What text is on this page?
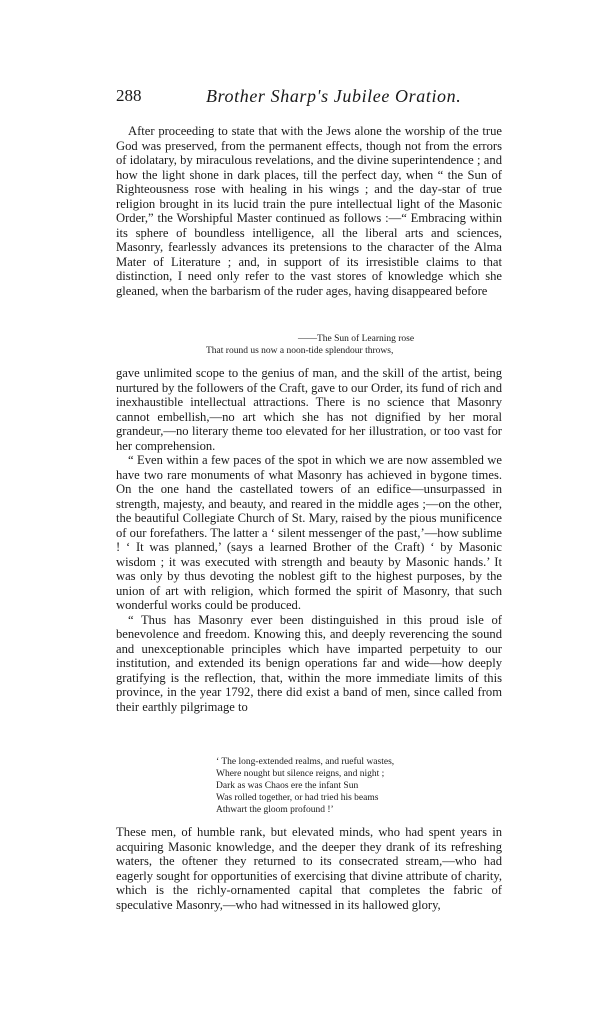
288	Brother Sharp's Jubilee Oration.

After proceeding to state that with the Jews alone the worship of the true God was preserved, from the permanent effects, though not from the errors of idolatary, by miraculous revelations, and the divine superintendence ; and how the light shone in dark places, till the perfect day, when “ the Sun of Righteousness rose with healing in his wings ; and the day-star of true religion brought in its lucid train the pure intellectual light of the Masonic Order,” the Worshipful Master continued as follows :—“ Embracing within its sphere of boundless intelligence, all the liberal arts and sciences, Masonry, fearlessly advances its pretensions to the character of the Alma Mater of Literature ; and, in support of its irresistible claims to that distinction, I need only refer to the vast stores of knowledge which she gleaned, when the barbarism of the ruder ages, having disappeared before

——The Sun of Learning rose
That round us now a noon-tide splendour throws,

gave unlimited scope to the genius of man, and the skill of the artist, being nurtured by the followers of the Craft, gave to our Order, its fund of rich and inexhaustible intellectual attractions. There is no science that Masonry cannot embellish,—no art which she has not dignified by her moral grandeur,—no literary theme too elevated for her illustration, or too vast for her comprehension.

“ Even within a few paces of the spot in which we are now assembled we have two rare monuments of what Masonry has achieved in bygone times. On the one hand the castellated towers of an edifice—unsurpassed in strength, majesty, and beauty, and reared in the middle ages ;—on the other, the beautiful Collegiate Church of St. Mary, raised by the pious munificence of our forefathers. The latter a ‘ silent messenger of the past,’—how sublime ! ‘ It was planned,’ (says a learned Brother of the Craft) ‘ by Masonic wisdom ; it was executed with strength and beauty by Masonic hands.’ It was only by thus devoting the noblest gift to the highest purposes, by the union of art with religion, which formed the spirit of Masonry, that such wonderful works could be produced.

“ Thus has Masonry ever been distinguished in this proud isle of benevolence and freedom. Knowing this, and deeply reverencing the sound and unexceptionable principles which have imparted perpetuity to our institution, and extended its benign operations far and wide—how deeply gratifying is the reflection, that, within the more immediate limits of this province, in the year 1792, there did exist a band of men, since called from their earthly pilgrimage to

‘ The long-extended realms, and rueful wastes,
Where nought but silence reigns, and night ;
Dark as was Chaos ere the infant Sun
Was rolled together, or had tried his beams
Athwart the gloom profound !’

These men, of humble rank, but elevated minds, who had spent years in acquiring Masonic knowledge, and the deeper they drank of its refreshing waters, the oftener they returned to its consecrated stream,—who had eagerly sought for opportunities of exercising that divine attribute of charity, which is the richly-ornamented capital that completes the fabric of speculative Masonry,—who had witnessed in its hallowed glory,
